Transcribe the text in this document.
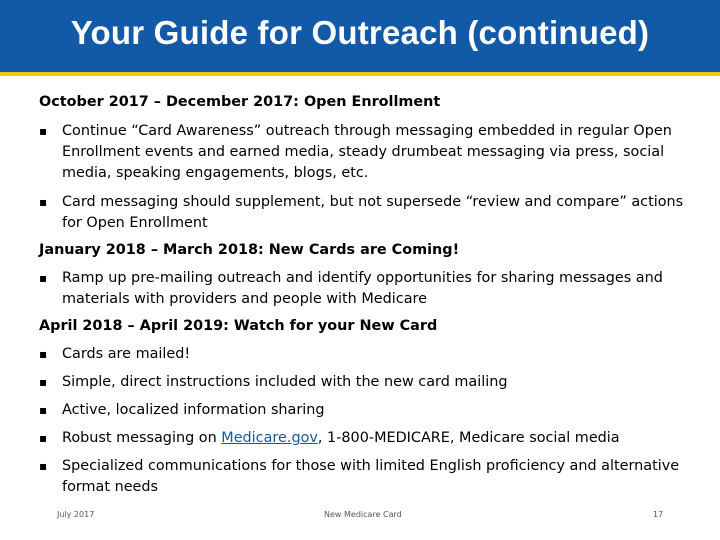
Your Guide for Outreach (continued)

October 2017 – December 2017: Open Enrollment

▪ Continue “Card Awareness” outreach through messaging embedded in regular Open Enrollment events and earned media, steady drumbeat messaging via press, social media, speaking engagements, blogs, etc.

▪ Card messaging should supplement, but not supersede “review and compare” actions for Open Enrollment

January 2018 – March 2018: New Cards are Coming!

▪ Ramp up pre-mailing outreach and identify opportunities for sharing messages and materials with providers and people with Medicare

April 2018 – April 2019: Watch for your New Card

▪ Cards are mailed!

▪ Simple, direct instructions included with the new card mailing

▪ Active, localized information sharing

▪ Robust messaging on Medicare.gov, 1-800-MEDICARE, Medicare social media

▪ Specialized communications for those with limited English proficiency and alternative format needs

July 2017	New Medicare Card	17
